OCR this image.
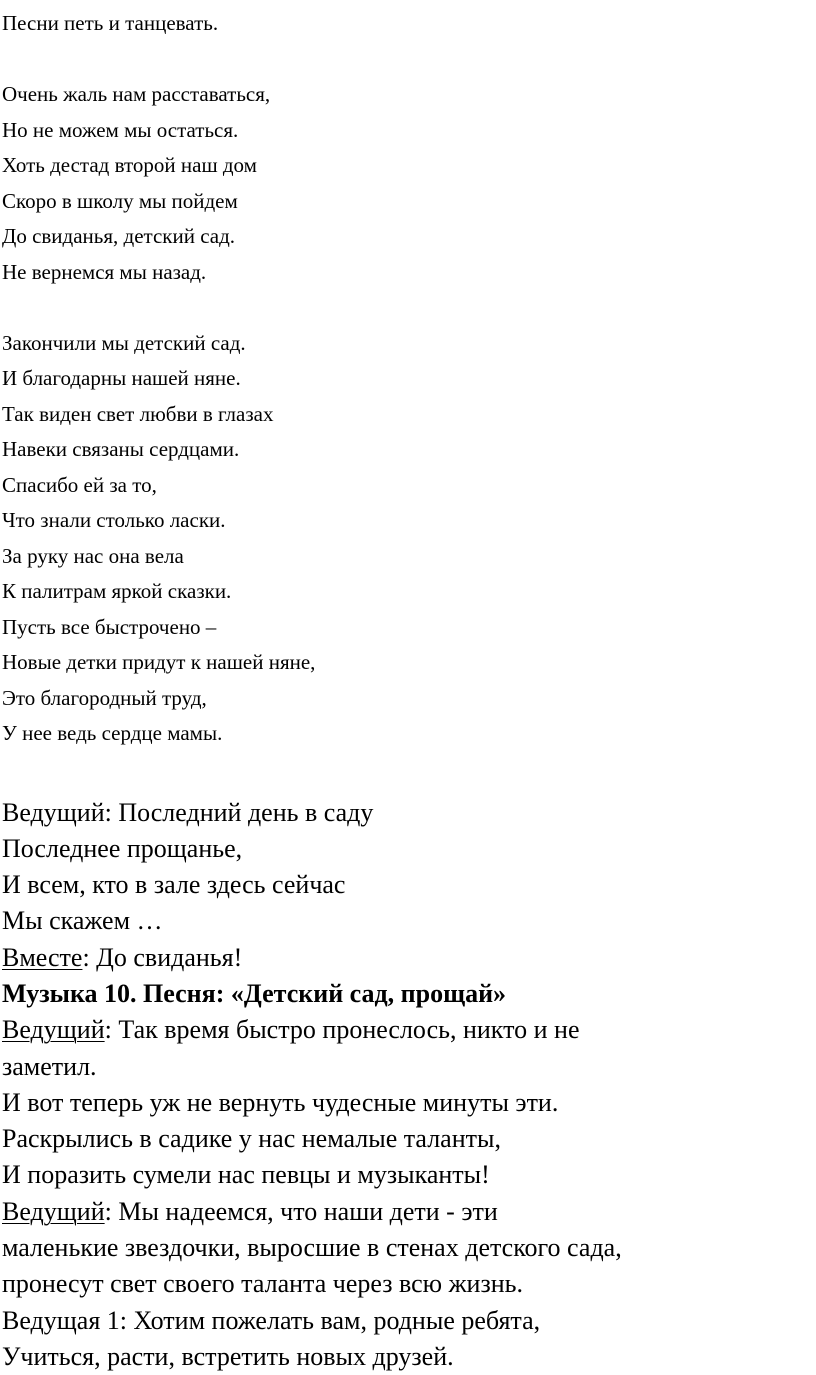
Песни петь и танцевать.
Очень жаль нам расставаться,
Но не можем мы остаться.
Хоть дестад второй наш дом
Скоро в школу мы пойдем
До свиданья, детский сад.
Не вернемся мы назад.
Закончили мы детский сад.
И благодарны нашей няне.
Так виден свет любви в глазах
Навеки связаны сердцами.
Спасибо ей за то,
Что знали столько ласки.
За руку нас она вела
К палитрам яркой сказки.
Пусть все быстрочено –
Новые детки придут к нашей няне,
Это благородный труд,
У нее ведь сердце мамы.
Ведущий: Последний день в саду
Последнее прощанье,
И всем, кто в зале здесь сейчас
Мы скажем …
Вместе: До свиданья!
Музыка 10. Песня: «Детский сад, прощай»
Ведущий: Так время быстро пронеслось, никто и не
заметил.
И вот теперь уж не вернуть чудесные минуты эти.
Раскрылись в садике у нас немалые таланты,
И поразить сумели нас певцы и музыканты!
Ведущий: Мы надеемся, что наши дети - эти
маленькие звездочки, выросшие в стенах детского сада,
пронесут свет своего таланта через всю жизнь.
Ведущая 1: Хотим пожелать вам, родные ребята,
Учиться, расти, встретить новых друзей.
